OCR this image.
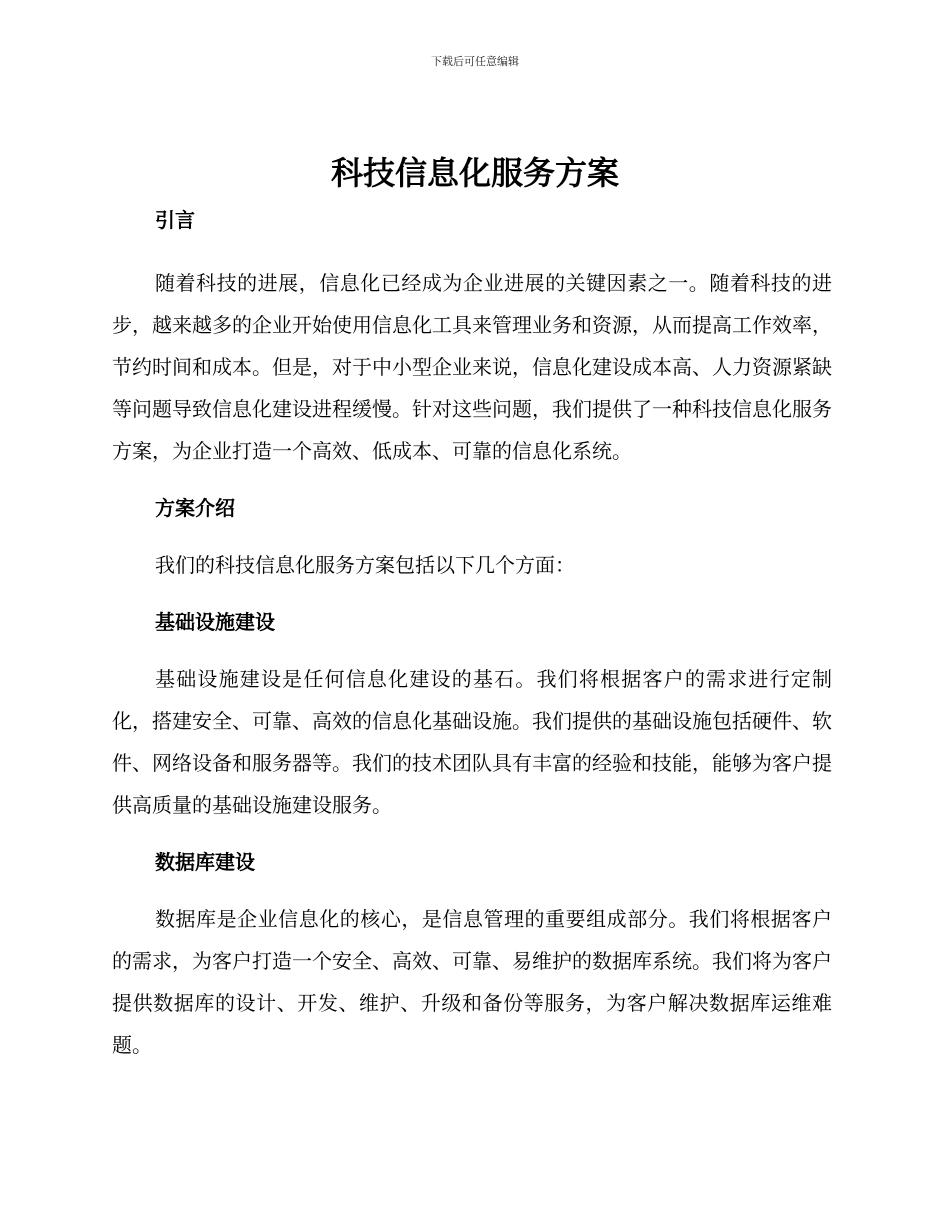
下载后可任意编辑
科技信息化服务方案
引言

随着科技的进展，信息化已经成为企业进展的关键因素之一。随着科技的进步，越来越多的企业开始使用信息化工具来管理业务和资源，从而提高工作效率，节约时间和成本。但是，对于中小型企业来说，信息化建设成本高、人力资源紧缺等问题导致信息化建设进程缓慢。针对这些问题，我们提供了一种科技信息化服务方案，为企业打造一个高效、低成本、可靠的信息化系统。

方案介绍

我们的科技信息化服务方案包括以下几个方面：

基础设施建设

基础设施建设是任何信息化建设的基石。我们将根据客户的需求进行定制化，搭建安全、可靠、高效的信息化基础设施。我们提供的基础设施包括硬件、软件、网络设备和服务器等。我们的技术团队具有丰富的经验和技能，能够为客户提供高质量的基础设施建设服务。

数据库建设

数据库是企业信息化的核心，是信息管理的重要组成部分。我们将根据客户的需求，为客户打造一个安全、高效、可靠、易维护的数据库系统。我们将为客户提供数据库的设计、开发、维护、升级和备份等服务，为客户解决数据库运维难题。
